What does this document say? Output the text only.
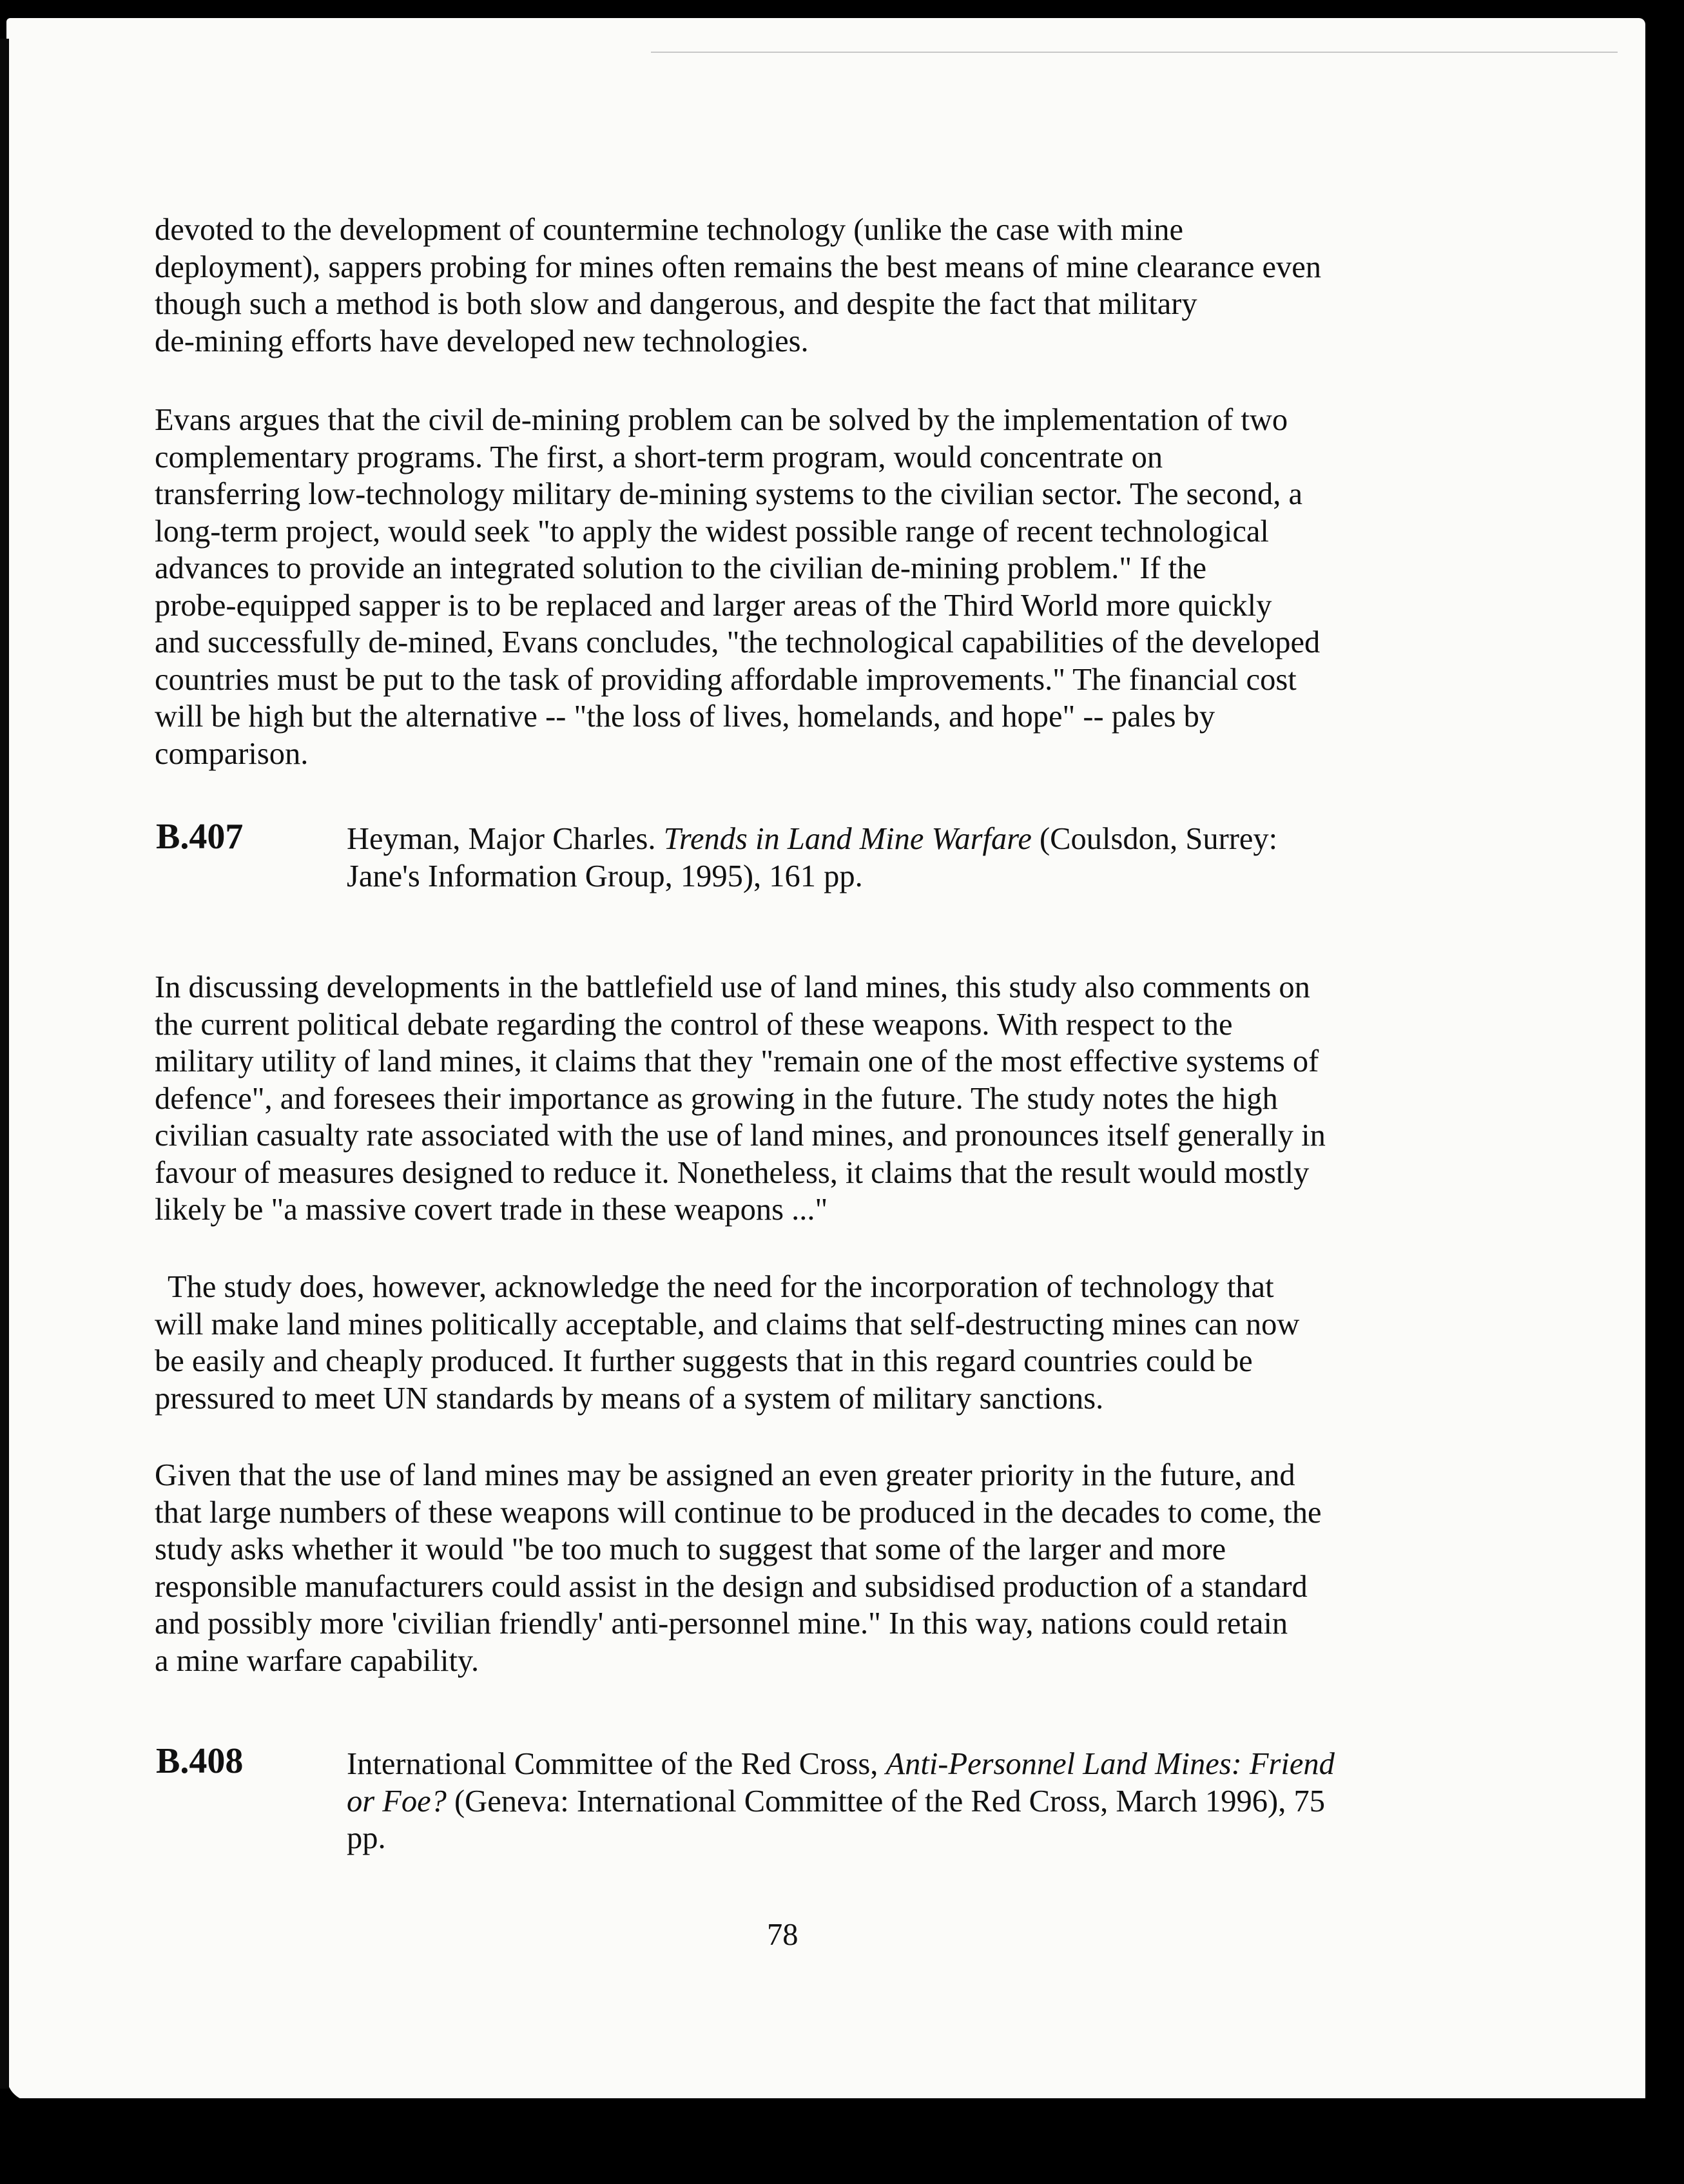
devoted to the development of countermine technology (unlike the case with mine
deployment), sappers probing for mines often remains the best means of mine clearance even
though such a method is both slow and dangerous, and despite the fact that military
de-mining efforts have developed new technologies.
Evans argues that the civil de-mining problem can be solved by the implementation of two
complementary programs. The first, a short-term program, would concentrate on
transferring low-technology military de-mining systems to the civilian sector. The second, a
long-term project, would seek "to apply the widest possible range of recent technological
advances to provide an integrated solution to the civilian de-mining problem." If the
probe-equipped sapper is to be replaced and larger areas of the Third World more quickly
and successfully de-mined, Evans concludes, "the technological capabilities of the developed
countries must be put to the task of providing affordable improvements." The financial cost
will be high but the alternative -- "the loss of lives, homelands, and hope" -- pales by
comparison.
B.407	Heyman, Major Charles. Trends in Land Mine Warfare (Coulsdon, Surrey:
Jane's Information Group, 1995), 161 pp.
In discussing developments in the battlefield use of land mines, this study also comments on
the current political debate regarding the control of these weapons. With respect to the
military utility of land mines, it claims that they "remain one of the most effective systems of
defence", and foresees their importance as growing in the future. The study notes the high
civilian casualty rate associated with the use of land mines, and pronounces itself generally in
favour of measures designed to reduce it. Nonetheless, it claims that the result would mostly
likely be "a massive covert trade in these weapons ..."
The study does, however, acknowledge the need for the incorporation of technology that
will make land mines politically acceptable, and claims that self-destructing mines can now
be easily and cheaply produced. It further suggests that in this regard countries could be
pressured to meet UN standards by means of a system of military sanctions.
Given that the use of land mines may be assigned an even greater priority in the future, and
that large numbers of these weapons will continue to be produced in the decades to come, the
study asks whether it would "be too much to suggest that some of the larger and more
responsible manufacturers could assist in the design and subsidised production of a standard
and possibly more 'civilian friendly' anti-personnel mine." In this way, nations could retain
a mine warfare capability.
B.408	International Committee of the Red Cross, Anti-Personnel Land Mines: Friend
or Foe? (Geneva: International Committee of the Red Cross, March 1996), 75
pp.
78
